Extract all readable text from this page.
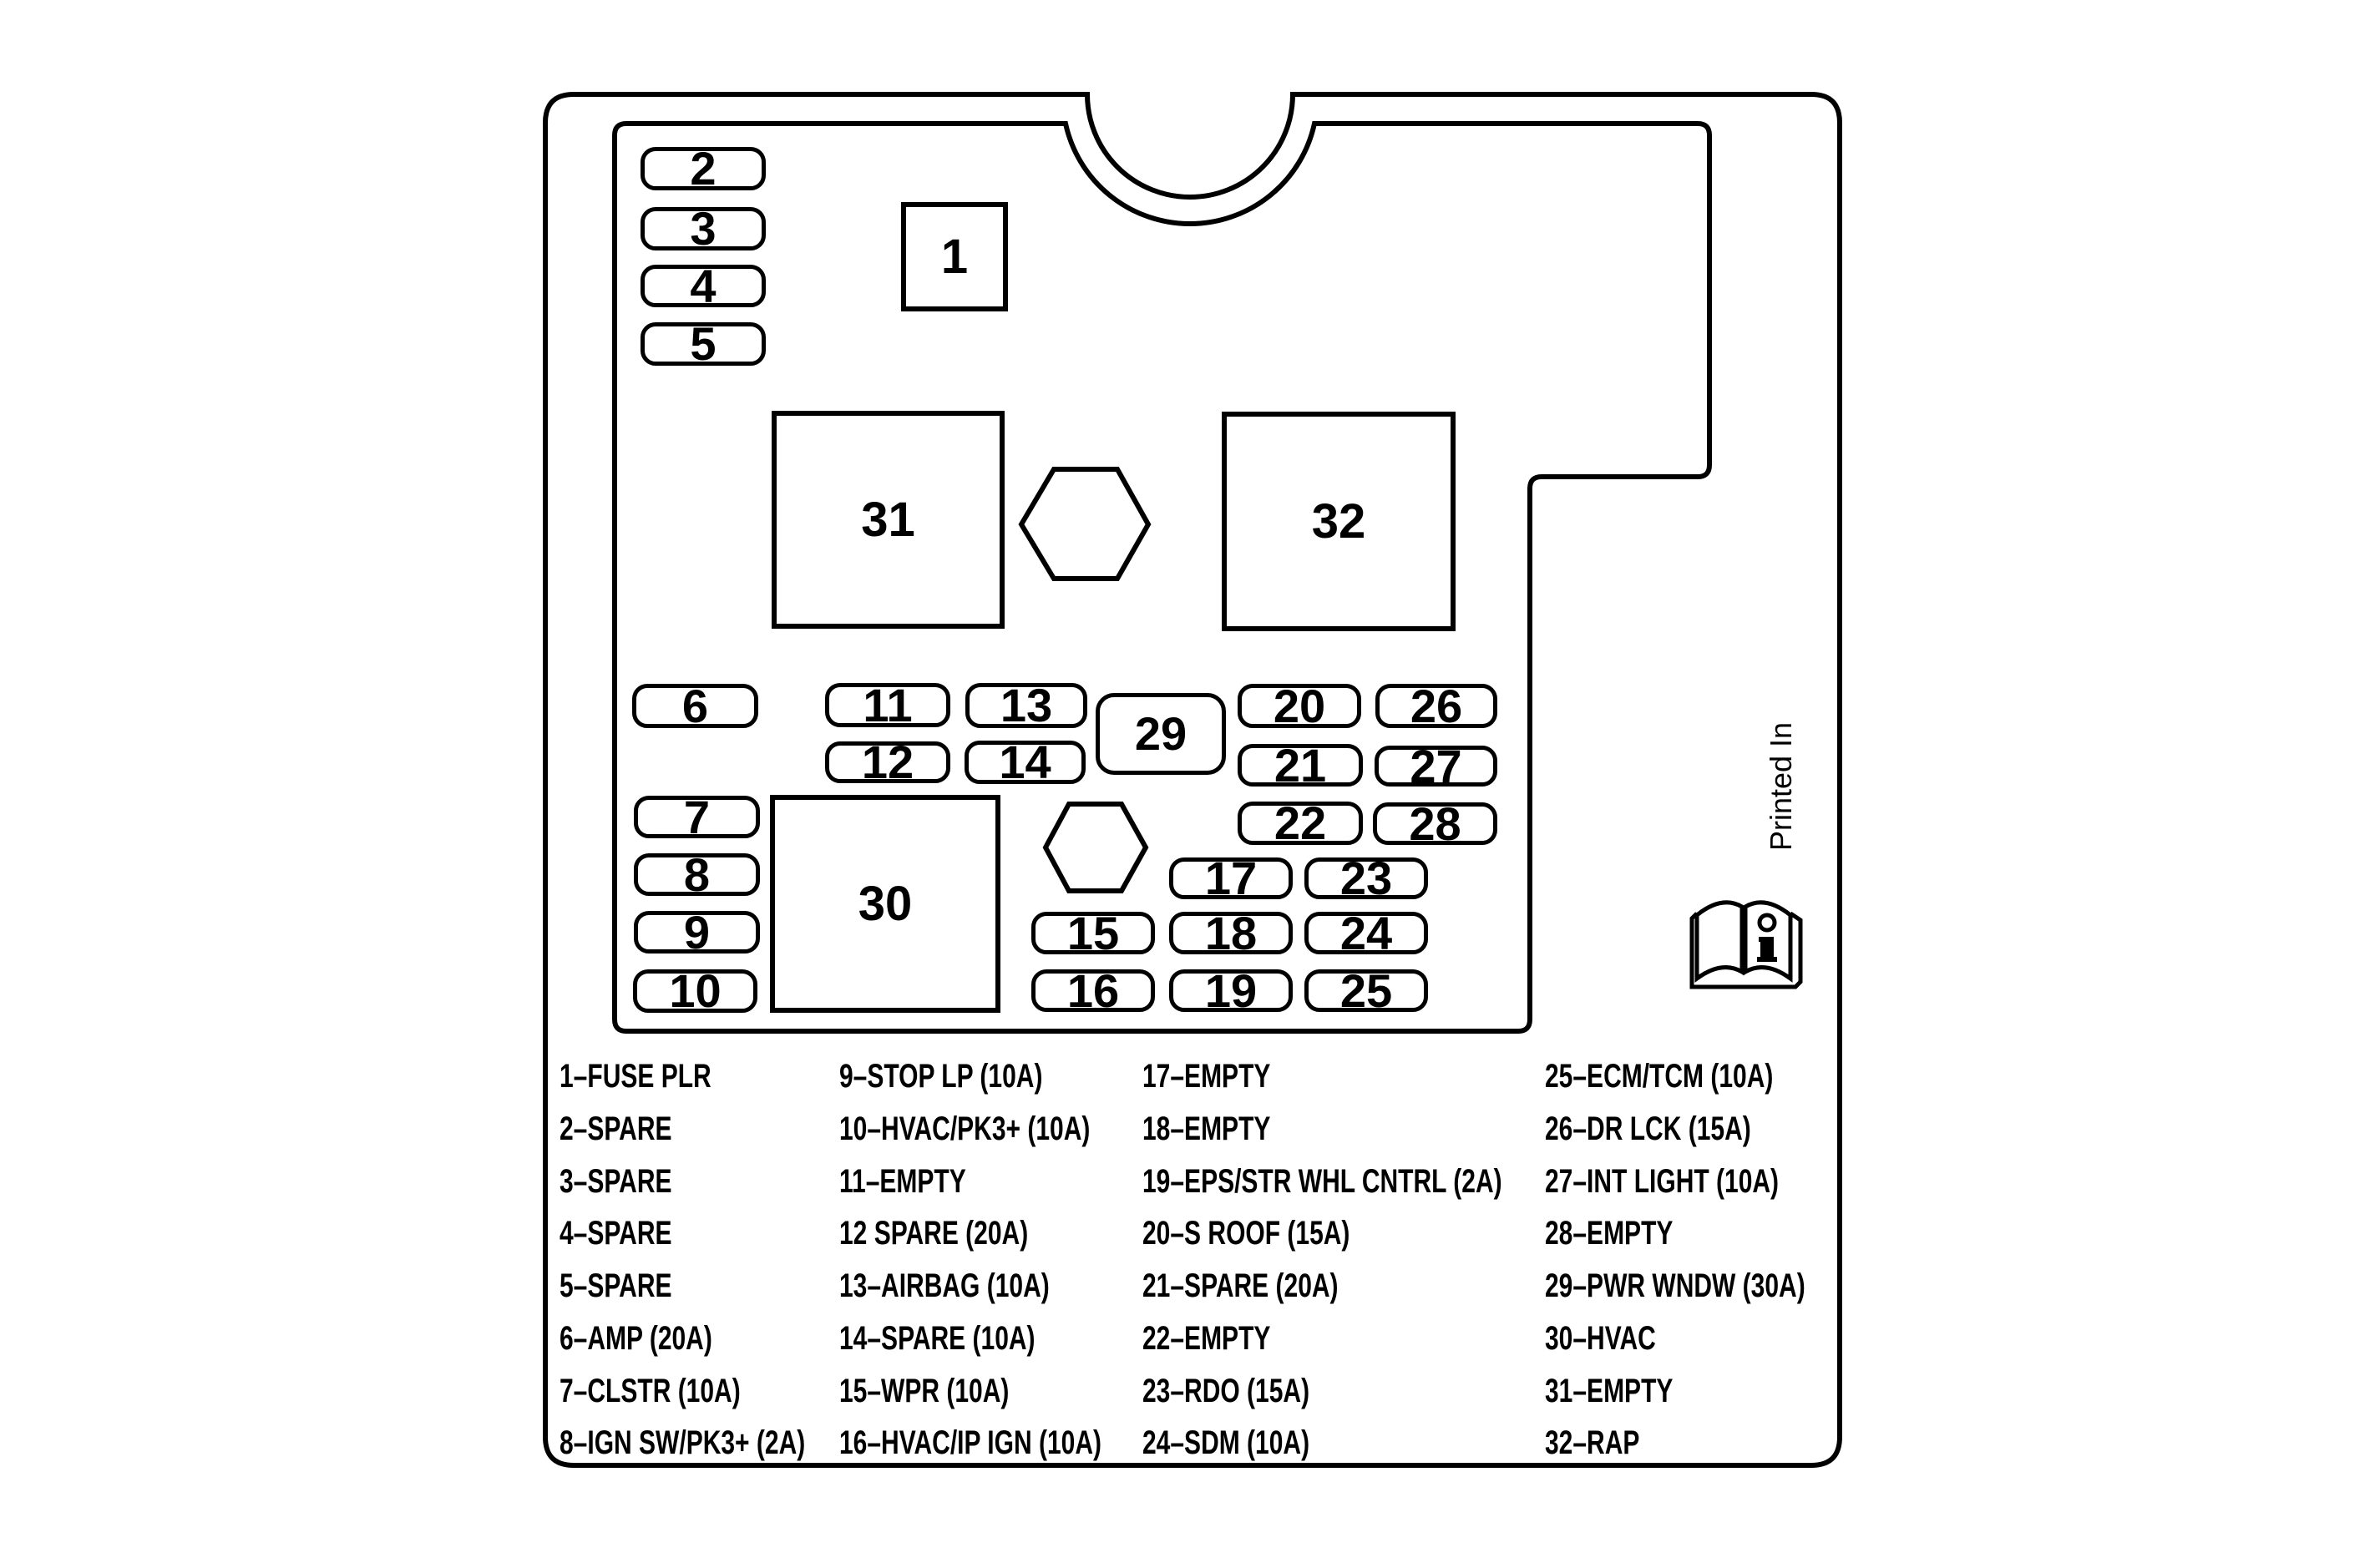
2
3
4
5
1
31	32
30
6	11	13
29
20	26
12	14	21	27
22	28
7
8
9
10
17	23
15	18	24
16	19	25
Printed In
1–FUSE PLR
2–SPARE
3–SPARE
4–SPARE
5–SPARE
6–AMP (20A)
7–CLSTR (10A)
8–IGN SW/PK3+ (2A)
9–STOP LP (10A)
10–HVAC/PK3+ (10A)
11–EMPTY
12 SPARE (20A)
13–AIRBAG (10A)
14–SPARE (10A)
15–WPR (10A)
16–HVAC/IP IGN (10A)
17–EMPTY
18–EMPTY
19–EPS/STR WHL CNTRL (2A)
20–S ROOF (15A)
21–SPARE (20A)
22–EMPTY
23–RDO (15A)
24–SDM (10A)
25–ECM/TCM (10A)
26–DR LCK (15A)
27–INT LIGHT (10A)
28–EMPTY
29–PWR WNDW (30A)
30–HVAC
31–EMPTY
32–RAP
